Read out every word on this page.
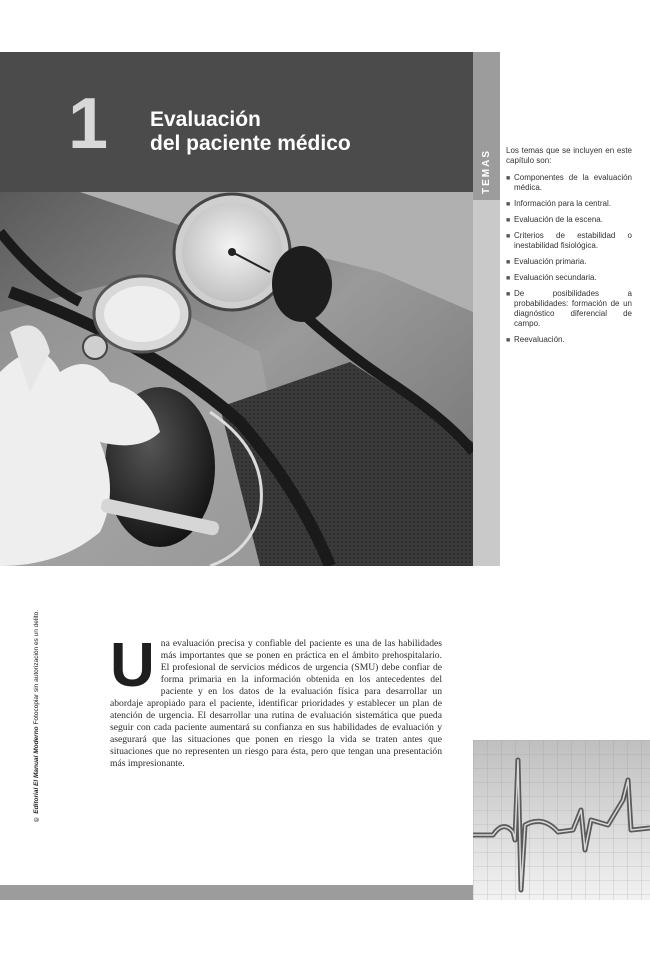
1 Evaluación
del paciente médico
TEMAS Los temas que se incluyen en este capítulo son:

■ Componentes de la evaluación médica.
■ Información para la central.
■ Evaluación de la escena.
■ Criterios de estabilidad o inestabilidad fisiológica.
■ Evaluación primaria.
■ Evaluación secundaria.
■ De posibilidades a probabilidades: formación de un diagnóstico diferencial de campo.
■ Reevaluación.
© Editorial El Manual Moderno Fotocopiar sin autorización es un delito. Una evaluación precisa y confiable del paciente es una de las habilidades más importantes que se ponen en práctica en el ámbito prehospitalario. El profesional de servicios médicos de urgencia (SMU) debe confiar de forma primaria en la información obtenida en los antecedentes del paciente y en los datos de la evaluación física para desarrollar un abordaje apropiado para el paciente, identificar prioridades y establecer un plan de atención de urgencia. El desarrollar una rutina de evaluación sistemática que pueda seguir con cada paciente aumentará su confianza en sus habilidades de evaluación y asegurará que las situaciones que ponen en riesgo la vida se traten antes que situaciones que no representen un riesgo para ésta, pero que tengan una presentación más impresionante.
